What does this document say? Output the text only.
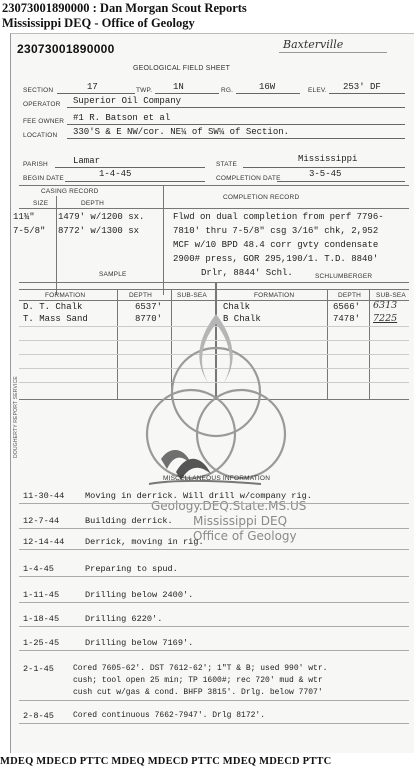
23073001890000 : Dan Morgan Scout Reports
Mississippi DEQ - Office of Geology
23073001890000	Baxterville
GEOLOGICAL FIELD SHEET
SECTION	17	TWP. 1N	RG.	16W	ELEV. 253' DF
OPERATOR Superior Oil Company
FEE OWNER #1 R. Batson et al
LOCATION 330'S & E NW/cor. NE¼ of SW¼ of Section.
PARISH	Lamar	STATE
Mississippi
BEGIN DATE	1-4-45	COMPLETION DATE	3-5-45
CASING RECORD
SIZE	DEPTH
COMPLETION RECORD
11¾"	1479' w/1200 sx.
7-5/8" 8772' w/1300 sx
Flwd on dual completion from perf 7796-
7810' thru 7-5/8" csg 3/16" chk, 2,952
MCF w/10 BPD 48.4 corr gvty condensate
2900# press, GOR 295,190/1. T.D. 8840'
Drlr, 8844' Schl.
SAMPLE	SCHLUMBERGER
FORMATION	DEPTH	SUB-SEA	FORMATION	DEPTH SUB-SEA
D. T. Chalk	6537'
T. Mass Sand	8770'
Chalk	6566' 6313
B Chalk	7478' 7225
DOUGHERTY REPORT SERVICE
MISCELLANEOUS INFORMATION
Geology.DEQ.State.MS.US
Mississippi DEQ
Office of Geology
11-30-44 Moving in derrick. Will drill w/company rig.
12-7-44	Building derrick.
12-14-44 Derrick, moving in rig.
1-4-45	Preparing to spud.
1-11-45	Drilling below 2400'.
1-18-45	Drilling 6220'.
1-25-45	Drilling below 7169'.
2-1-45 Cored 7605-62'. DST 7612-62'; 1"T & B; used 990' wtr.
cush; tool open 25 min; TP 1600#; rec 720' mud & wtr
cush cut w/gas & cond. BHFP 3815'. Drlg. below 7707'
2-8-45 Cored continuous 7662-7947'. Drlg 8172'.
MDEQ MDECD PTTC MDEQ MDECD PTTC MDEQ MDECD PTTC
